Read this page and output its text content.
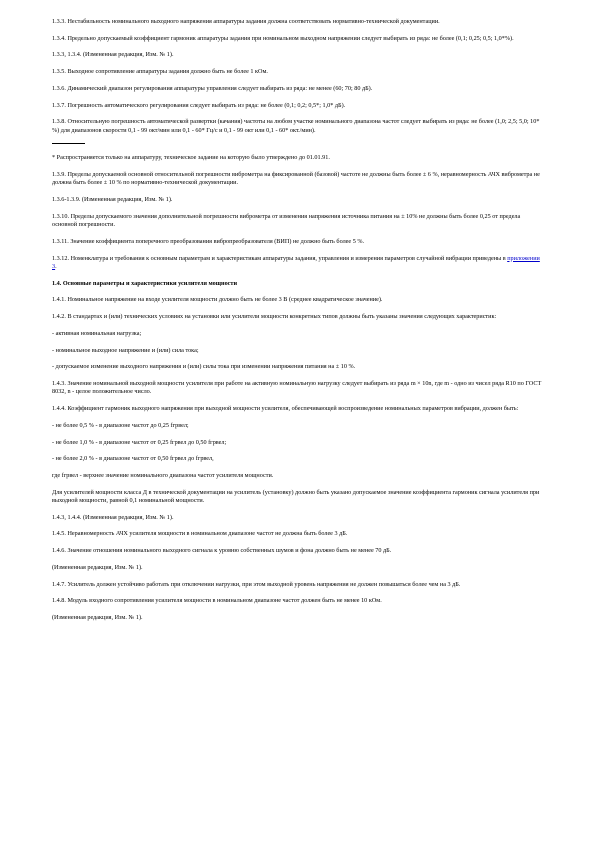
1.3.3. Нестабильность номинального выходного напряжения аппаратуры задания должна соответствовать нормативно-технической документации.

1.3.4. Предельно допускаемый коэффициент гармоник аппаратуры задания при номинальном выходном напряжении следует выбирать из ряда: не более (0,1; 0,25; 0,5; 1,0*%).

1.3.3, 1.3.4. (Измененная редакция, Изм. № 1).

1.3.5. Выходное сопротивление аппаратуры задания должно быть не более 1 кОм.

1.3.6. Динамический диапазон регулирования аппаратуры управления следует выбирать из ряда: не менее (60; 70; 80 дБ).

1.3.7. Погрешность автоматического регулирования следует выбирать из ряда: не более (0,1; 0,2; 0,5*; 1,0* дБ).

1.3.8. Относительную погрешность автоматической развертки (качания) частоты на любом участке номинального диапазона частот следует выбирать из ряда: не более (1,0; 2,5; 5,0; 10* %) для диапазонов скорости 0,1 - 99 окт/мин или 0,1 - 60* Гц/с и 0,1 - 99 окт или 0,1 - 60* окт./мин).

* Распространяется только на аппаратуру, техническое задание на которую было утверждено до 01.01.91.

1.3.9. Пределы допускаемой основной относительной погрешности виброметра на фиксированной (базовой) частоте не должны быть более ± 6 %, неравномерность АЧХ виброметра не должна быть более ± 10 % по нормативно-технической документации.

1.3.6-1.3.9. (Измененная редакция, Изм. № 1).

1.3.10. Пределы допускаемого значения дополнительной погрешности виброметра от изменения напряжения источника питания на ± 10% не должны быть более 0,25 от предела основной погрешности.

1.3.11. Значение коэффициента поперечного преобразования вибропреобразователя (ВИП) не должно быть более 5 %.

1.3.12. Номенклатура и требования к основным параметрам и характеристикам аппаратуры задания, управления и измерения параметров случайной вибрации приведены в приложении 3.

1.4. Основные параметры и характеристики усилителя мощности

1.4.1. Номинальное напряжение на входе усилителя мощности должно быть не более 3 В (среднее квадратическое значение).

1.4.2. В стандартах и (или) технических условиях на установки или усилители мощности конкретных типов должны быть указаны значения следующих характеристик:

- активная номинальная нагрузка;

- номинальное выходное напряжение и (или) сила тока;

- допускаемое изменение выходного напряжения и (или) силы тока при изменении напряжения питания на ± 10 %.

1.4.3. Значение номинальной выходной мощности усилителя при работе на активную номинальную нагрузку следует выбирать из ряда m × 10n, где m - одно из чисел ряда R10 по ГОСТ 8032, n - целое положительное число.

1.4.4. Коэффициент гармоник выходного напряжения при выходной мощности усилителя, обеспечивающей воспроизведение номинальных параметров вибрации, должен быть:

- не более 0,5 % - в диапазоне частот до 0,25 fгрвел;

- не более 1,0 % - в диапазоне частот от 0,25 fгрвел до 0,50 fгрвел;

- не более 2,0 % - в диапазоне частот от 0,50 fгрвел до fгрвел,

где fгрвел - верхнее значение номинального диапазона частот усилителя мощности.

Для усилителей мощности класса Д в технической документации на усилитель (установку) должно быть указано допускаемое значение коэффициента гармоник сигнала усилителя при выходной мощности, равной 0,1 номинальной мощности.

1.4.3, 1.4.4. (Измененная редакция, Изм. № 1).

1.4.5. Неравномерность АЧХ усилителя мощности в номинальном диапазоне частот не должна быть более 3 дБ.

1.4.6. Значение отношения номинального выходного сигнала к уровню собственных шумов и фона должно быть не менее 70 дБ.

(Измененная редакция, Изм. № 1).

1.4.7. Усилитель должен устойчиво работать при отключении нагрузки, при этом выходной уровень напряжения не должен повышаться более чем на 3 дБ.

1.4.8. Модуль входного сопротивления усилителя мощности в номинальном диапазоне частот должен быть не менее 10 кОм.

(Измененная редакция, Изм. № 1).
